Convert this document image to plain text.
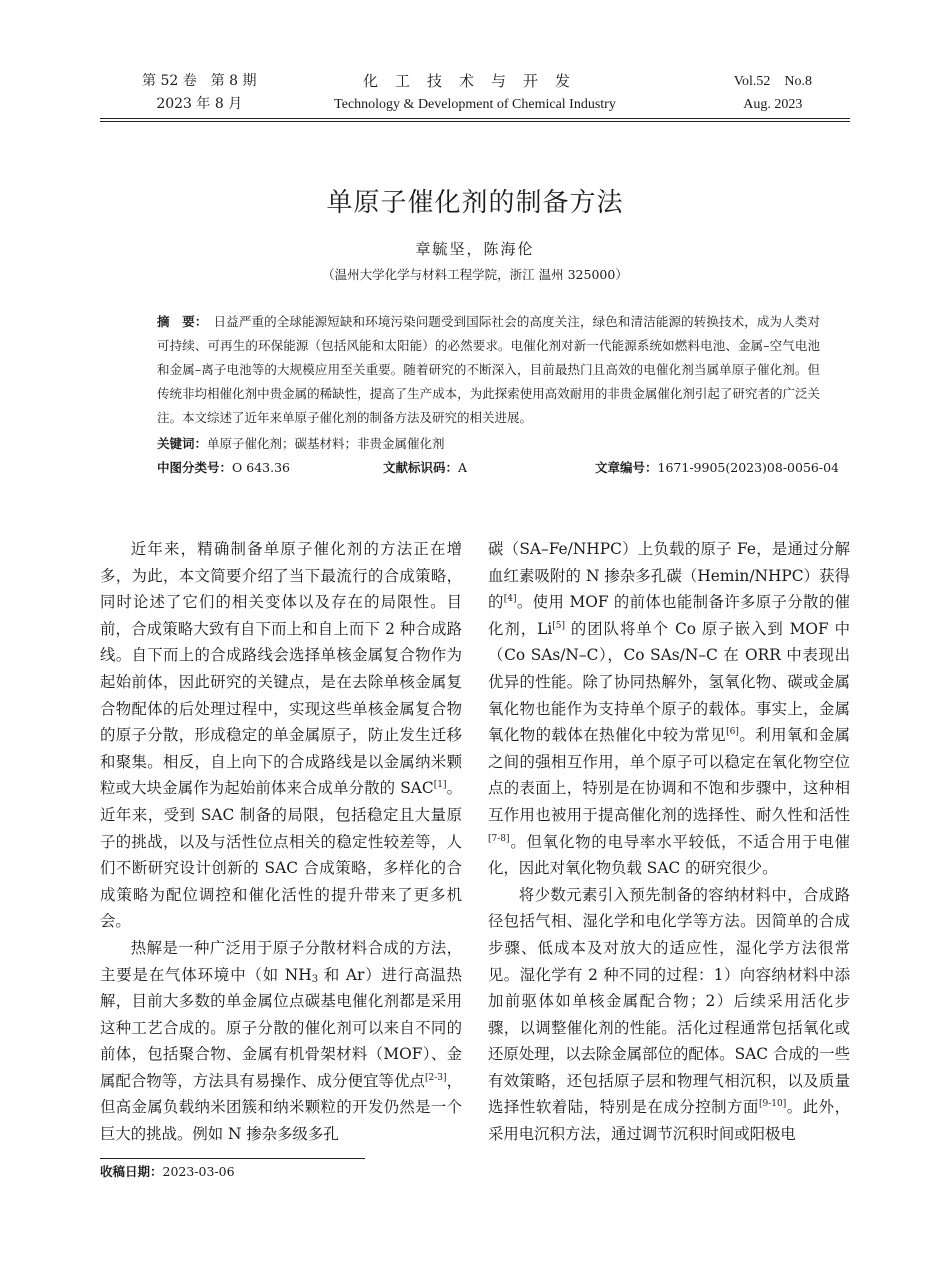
第 52 卷　第 8 期
2023 年 8 月
化工技术与开发
Technology & Development of Chemical Industry
Vol.52　No.8
Aug. 2023
单原子催化剂的制备方法
章毓坚，陈海伦
（温州大学化学与材料工程学院，浙江 温州 325000）
摘　要： 日益严重的全球能源短缺和环境污染问题受到国际社会的高度关注，绿色和清洁能源的转换技术，成为人类对可持续、可再生的环保能源（包括风能和太阳能）的必然要求。电催化剂对新一代能源系统如燃料电池、金属–空气电池和金属–离子电池等的大规模应用至关重要。随着研究的不断深入，目前最热门且高效的电催化剂当属单原子催化剂。但传统非均相催化剂中贵金属的稀缺性，提高了生产成本，为此探索使用高效耐用的非贵金属催化剂引起了研究者的广泛关注。本文综述了近年来单原子催化剂的制备方法及研究的相关进展。
关键词：单原子催化剂；碳基材料；非贵金属催化剂
中图分类号： O 643.36	文献标识码： A	文章编号： 1671-9905(2023)08-0056-04

近年来，精确制备单原子催化剂的方法正在增多，为此，本文简要介绍了当下最流行的合成策略，同时论述了它们的相关变体以及存在的局限性。目前，合成策略大致有自下而上和自上而下 2 种合成路线。自下而上的合成路线会选择单核金属复合物作为起始前体，因此研究的关键点，是在去除单核金属复合物配体的后处理过程中，实现这些单核金属复合物的原子分散，形成稳定的单金属原子，防止发生迁移和聚集。相反，自上向下的合成路线是以金属纳米颗粒或大块金属作为起始前体来合成单分散的 SAC[1]。近年来，受到 SAC 制备的局限，包括稳定且大量原子的挑战，以及与活性位点相关的稳定性较差等，人们不断研究设计创新的 SAC 合成策略，多样化的合成策略为配位调控和催化活性的提升带来了更多机会。

热解是一种广泛用于原子分散材料合成的方法，主要是在气体环境中（如 $NH_3$ 和 Ar）进行高温热解，目前大多数的单金属位点碳基电催化剂都是采用这种工艺合成的。原子分散的催化剂可以来自不同的前体，包括聚合物、金属有机骨架材料（MOF）、金属配合物等，方法具有易操作、成分便宜等优点[2-3]，但高金属负载纳米团簇和纳米颗粒的开发仍然是一个巨大的挑战。例如 N 掺杂多级多孔

碳（SA–Fe/NHPC）上负载的原子 Fe，是通过分解血红素吸附的 N 掺杂多孔碳（Hemin/NHPC）获得的[4]。使用 MOF 的前体也能制备许多原子分散的催化剂，Li[5] 的团队将单个 Co 原子嵌入到 MOF 中（Co SAs/N–C），Co SAs/N–C 在 ORR 中表现出优异的性能。除了协同热解外，氢氧化物、碳或金属氧化物也能作为支持单个原子的载体。事实上，金属氧化物的载体在热催化中较为常见[6]。利用氧和金属之间的强相互作用，单个原子可以稳定在氧化物空位点的表面上，特别是在协调和不饱和步骤中，这种相互作用也被用于提高催化剂的选择性、耐久性和活性[7-8]。但氧化物的电导率水平较低，不适合用于电催化，因此对氧化物负载 SAC 的研究很少。

将少数元素引入预先制备的容纳材料中，合成路径包括气相、湿化学和电化学等方法。因简单的合成步骤、低成本及对放大的适应性，湿化学方法很常见。湿化学有 2 种不同的过程：1）向容纳材料中添加前驱体如单核金属配合物；2）后续采用活化步骤，以调整催化剂的性能。活化过程通常包括氧化或还原处理，以去除金属部位的配体。SAC 合成的一些有效策略，还包括原子层和物理气相沉积，以及质量选择性软着陆，特别是在成分控制方面[9-10]。此外，采用电沉积方法，通过调节沉积时间或阳极电

收稿日期：2023-03-06
